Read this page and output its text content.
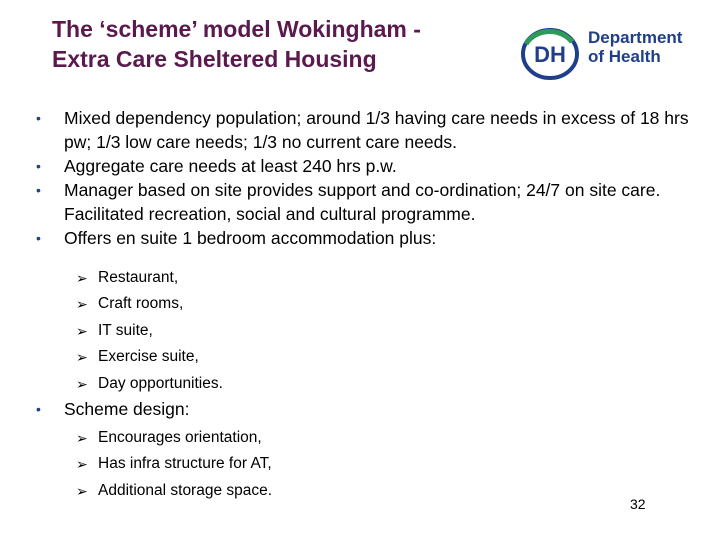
The ‘scheme’ model Wokingham -
Extra Care Sheltered Housing	DH
Department
of Health
• Mixed dependency population; around 1/3 having care needs in excess of 18 hrs pw; 1/3 low care needs; 1/3 no current care needs.
• Aggregate care needs at least 240 hrs p.w.
• Manager based on site provides support and co-ordination; 24/7 on site care. Facilitated recreation, social and cultural programme.
• Offers en suite 1 bedroom accommodation plus:
➢ Restaurant,
➢ Craft rooms,
➢ IT suite,
➢ Exercise suite,
➢ Day opportunities.
• Scheme design:
➢ Encourages orientation,
➢ Has infra structure for AT,
➢ Additional storage space.
32
